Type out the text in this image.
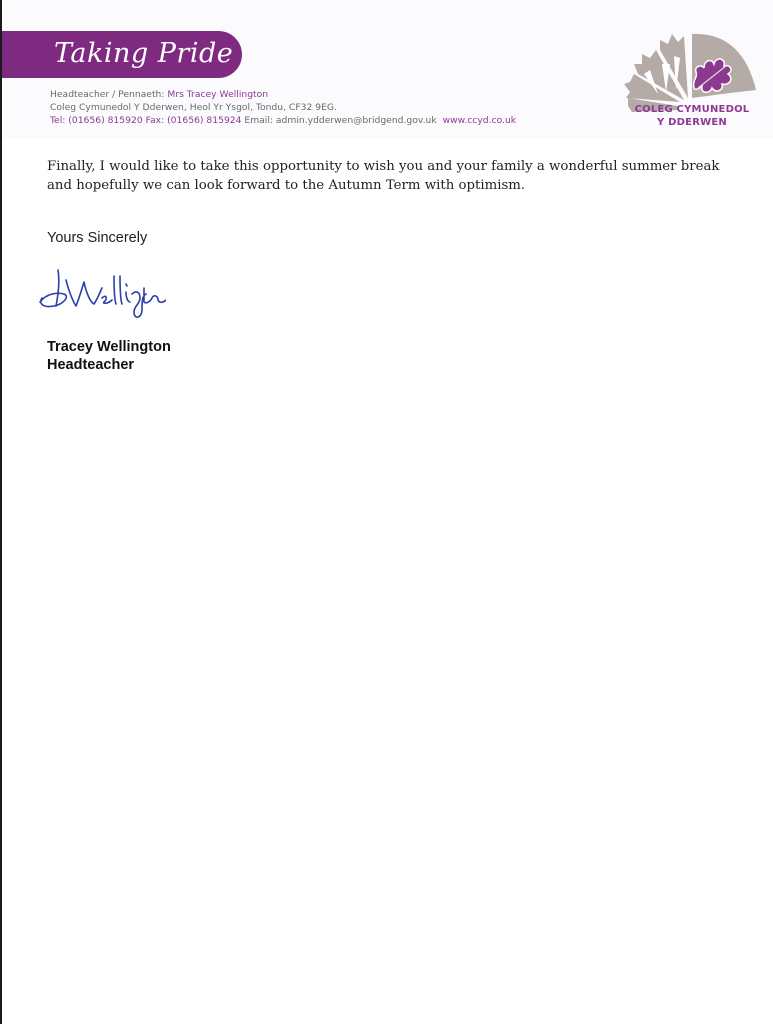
Taking Pride
Headteacher / Pennaeth: Mrs Tracey Wellington
Coleg Cymunedol Y Dderwen, Heol Yr Ysgol, Tondu, CF32 9EG.
Tel: (01656) 815920 Fax: (01656) 815924 Email: admin.ydderwen@bridgend.gov.uk www.ccyd.co.uk
COLEG CYMUNEDOL
Y DDERWEN

Finally, I would like to take this opportunity to wish you and your family a wonderful summer break and hopefully we can look forward to the Autumn Term with optimism.

Yours Sincerely
Tracey Wellington
Headteacher
